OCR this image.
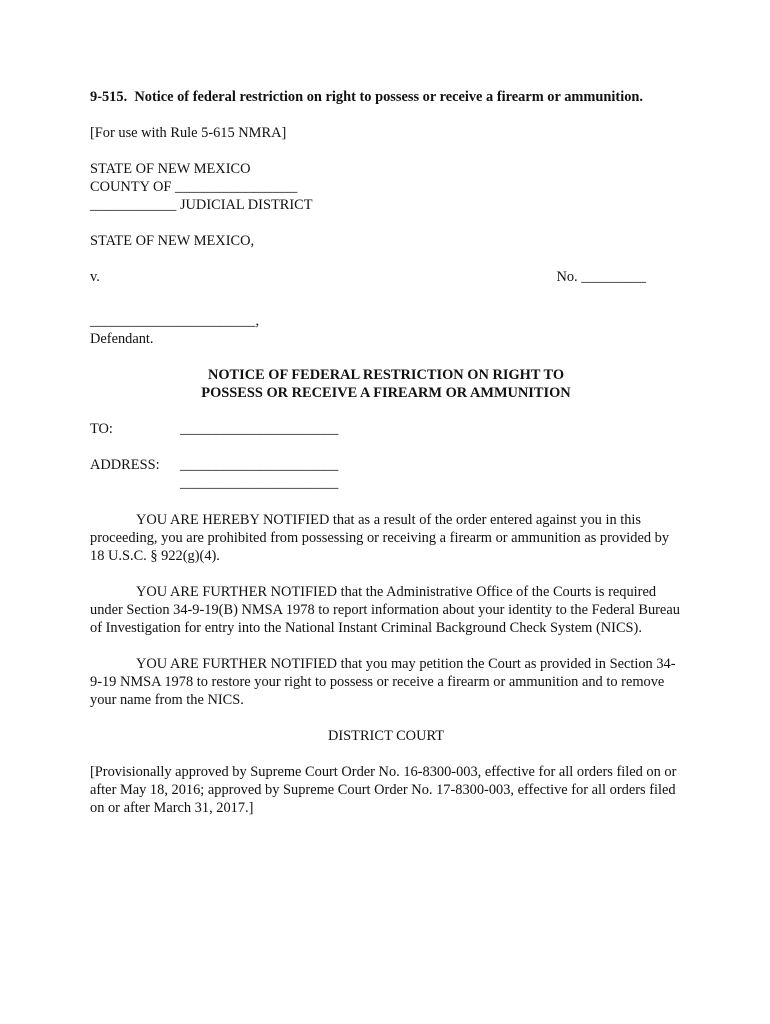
9-515.  Notice of federal restriction on right to possess or receive a firearm or ammunition.
[For use with Rule 5-615 NMRA]
STATE OF NEW MEXICO
COUNTY OF _________________
____________ JUDICIAL DISTRICT
STATE OF NEW MEXICO,
v.	No. _________
_______________________,
Defendant.
NOTICE OF FEDERAL RESTRICTION ON RIGHT TO
POSSESS OR RECEIVE A FIREARM OR AMMUNITION
TO:	______________________
ADDRESS:	______________________
______________________

YOU ARE HEREBY NOTIFIED that as a result of the order entered against you in this proceeding, you are prohibited from possessing or receiving a firearm or ammunition as provided by 18 U.S.C. § 922(g)(4).

YOU ARE FURTHER NOTIFIED that the Administrative Office of the Courts is required under Section 34-9-19(B) NMSA 1978 to report information about your identity to the Federal Bureau of Investigation for entry into the National Instant Criminal Background Check System (NICS).

YOU ARE FURTHER NOTIFIED that you may petition the Court as provided in Section 34-9-19 NMSA 1978 to restore your right to possess or receive a firearm or ammunition and to remove your name from the NICS.

DISTRICT COURT

[Provisionally approved by Supreme Court Order No. 16-8300-003, effective for all orders filed on or after May 18, 2016; approved by Supreme Court Order No. 17-8300-003, effective for all orders filed on or after March 31, 2017.]
